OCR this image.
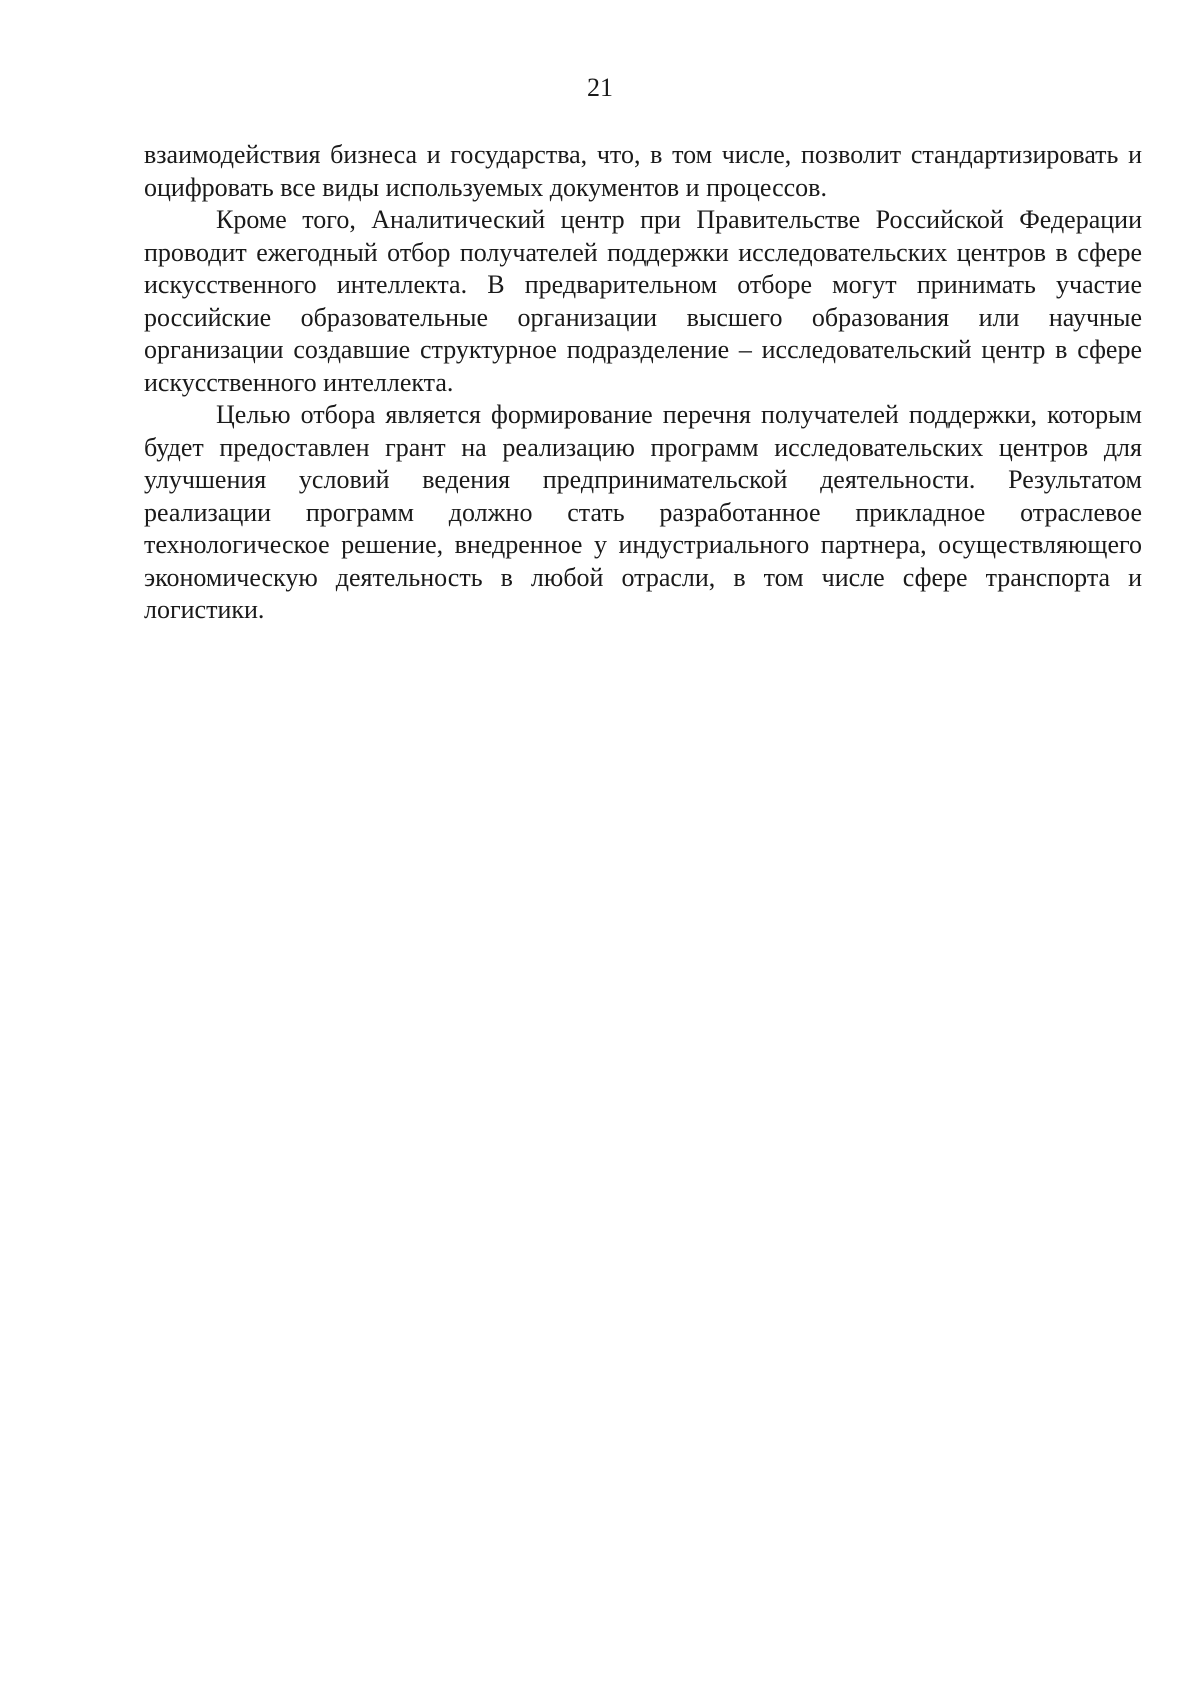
21

взаимодействия бизнеса и государства, что, в том числе, позволит стандартизировать и оцифровать все виды используемых документов и процессов.

Кроме того, Аналитический центр при Правительстве Российской Федерации проводит ежегодный отбор получателей поддержки исследовательских центров в сфере искусственного интеллекта. В предварительном отборе могут принимать участие российские образовательные организации высшего образования или научные организации создавшие структурное подразделение – исследовательский центр в сфере искусственного интеллекта.

Целью отбора является формирование перечня получателей поддержки, которым будет предоставлен грант на реализацию программ исследовательских центров для улучшения условий ведения предпринимательской деятельности. Результатом реализации программ должно стать разработанное прикладное отраслевое технологическое решение, внедренное у индустриального партнера, осуществляющего экономическую деятельность в любой отрасли, в том числе сфере транспорта и логистики.
